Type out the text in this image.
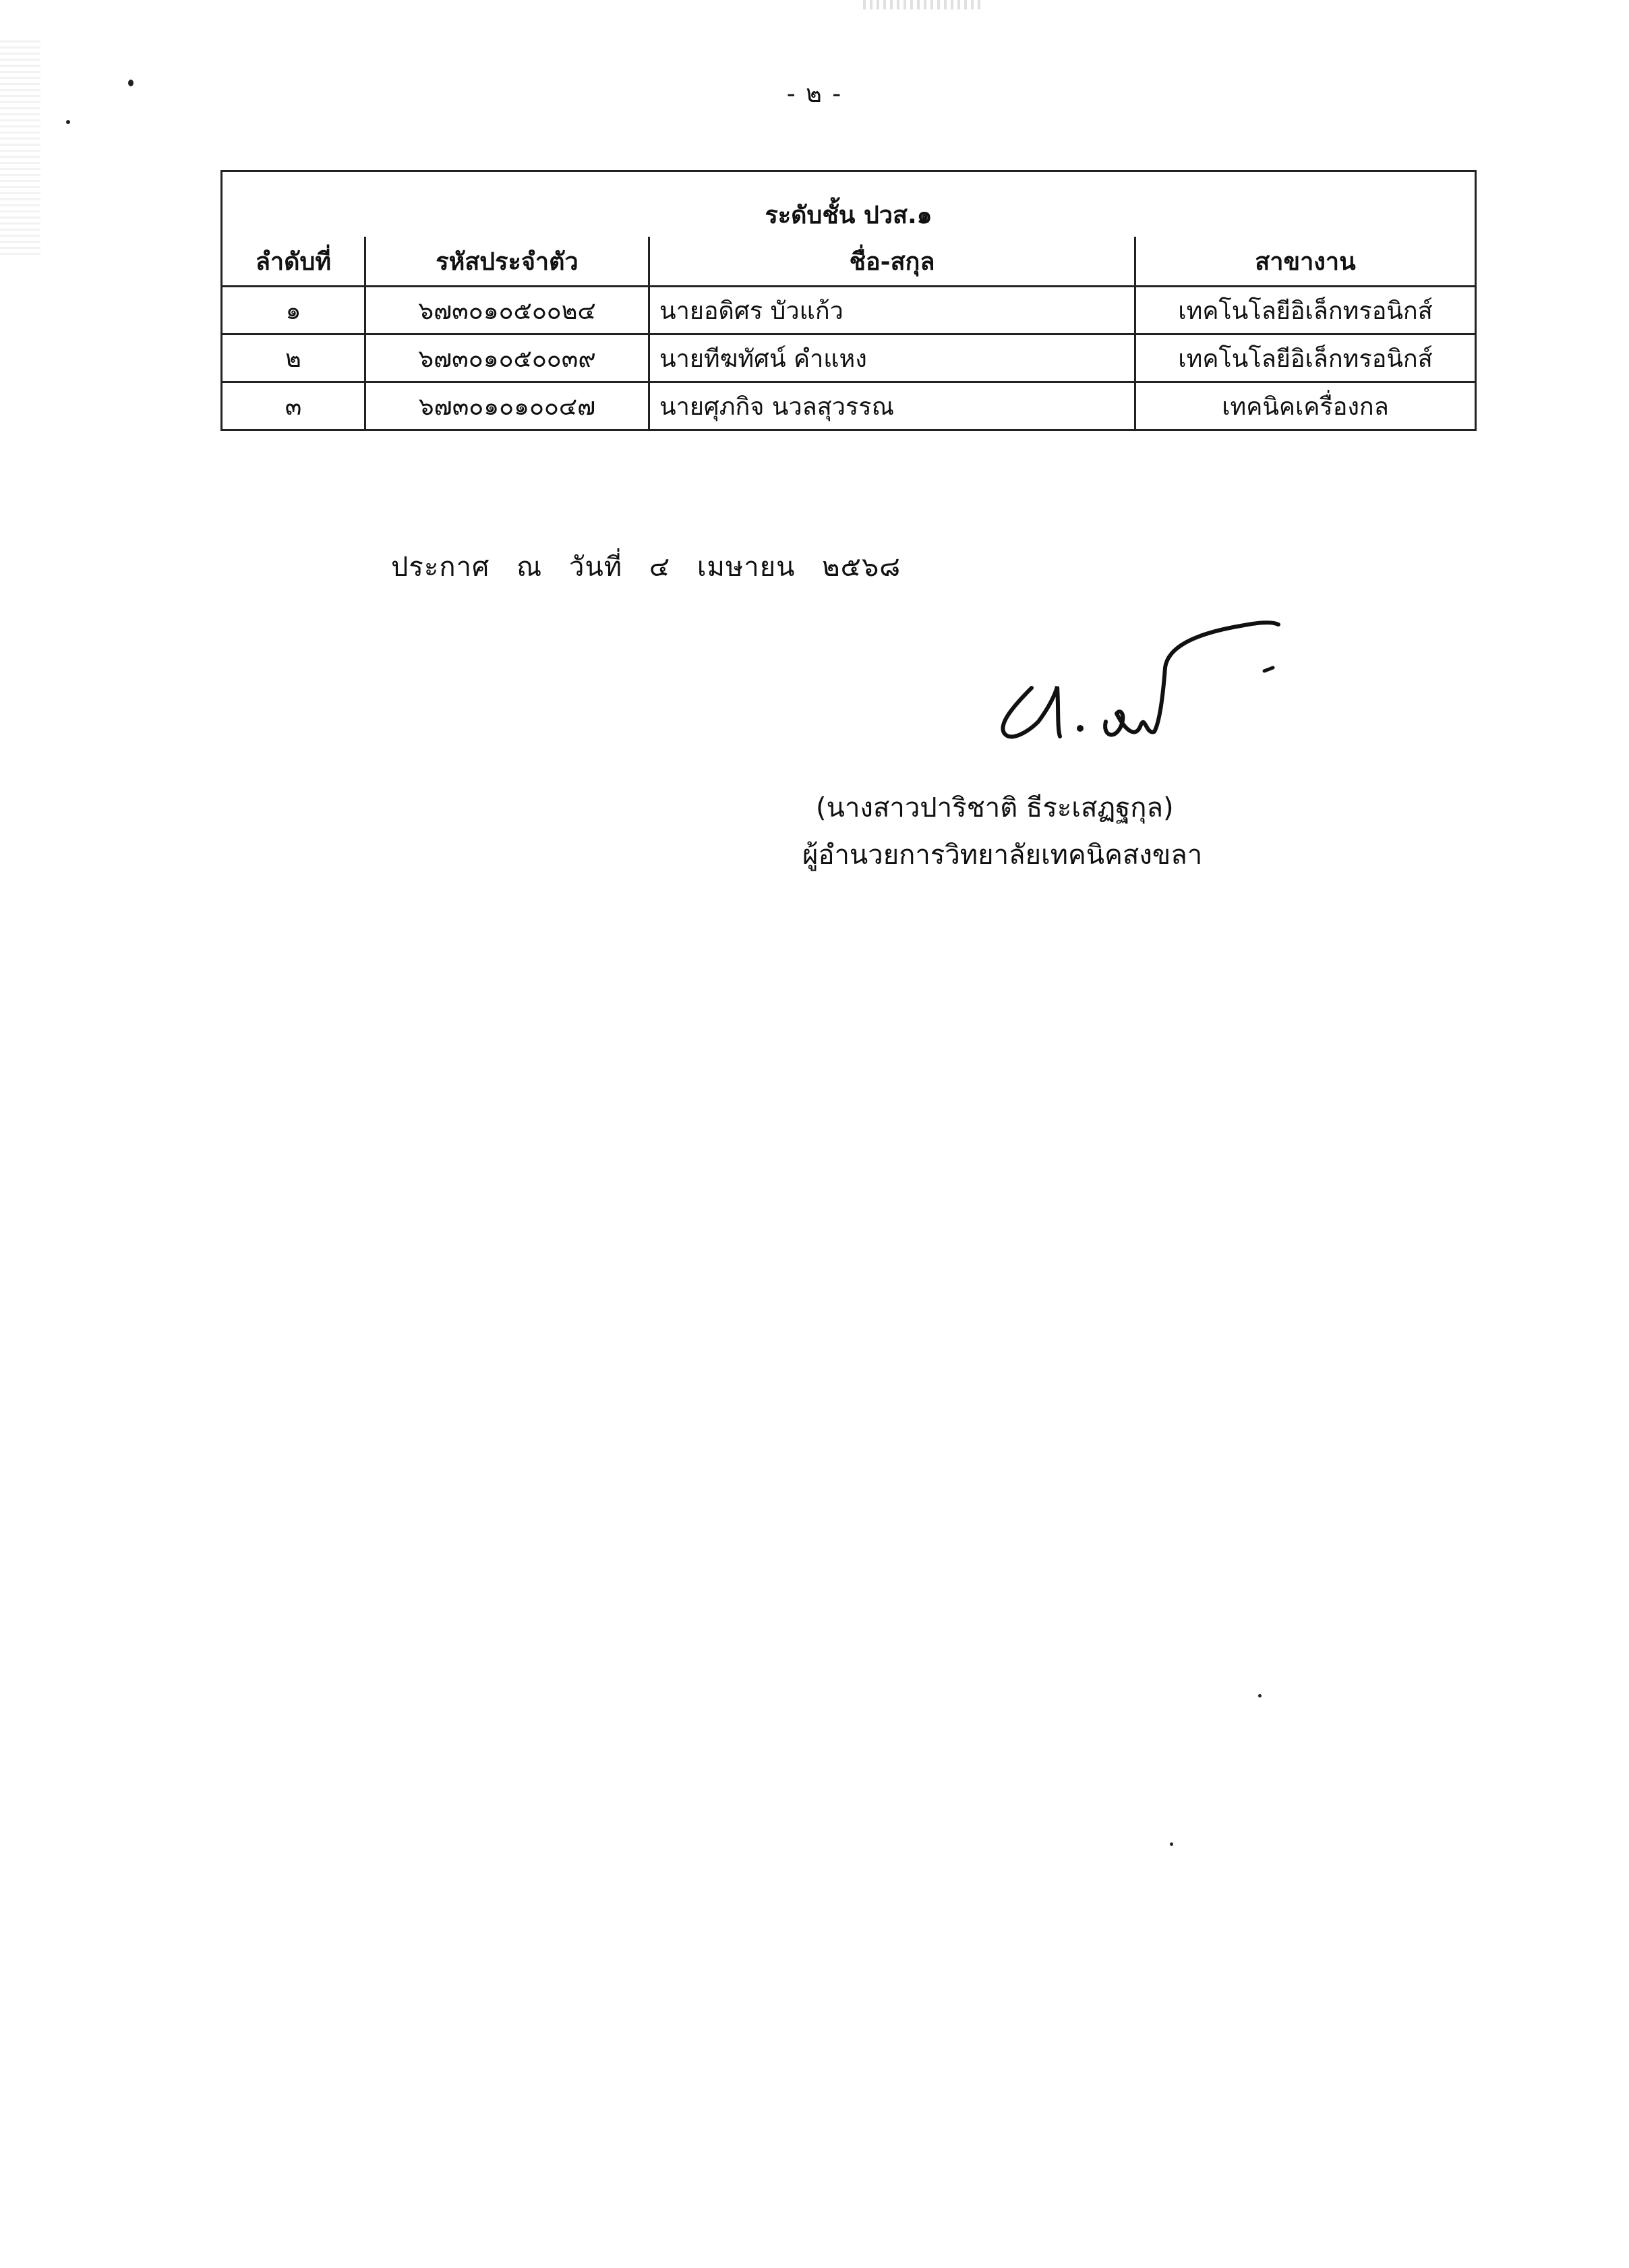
- ๒ -
ระดับชั้น ปวส.๑			
ลำดับที่	รหัสประจำตัว	ชื่อ-สกุล	สาขางาน
๑	๖๗๓๐๑๐๕๐๐๒๔	นายอดิศร บัวแก้ว	เทคโนโลยีอิเล็กทรอนิกส์
๒	๖๗๓๐๑๐๕๐๐๓๙	นายทีฆทัศน์ คำแหง	เทคโนโลยีอิเล็กทรอนิกส์
๓	๖๗๓๐๑๐๑๐๐๔๗	นายศุภกิจ นวลสุวรรณ	เทคนิคเครื่องกล
ประกาศ ณ วันที่ ๔ เมษายน ๒๕๖๘
(นางสาวปาริชาติ ธีระเสฏฐกุล)
ผู้อำนวยการวิทยาลัยเทคนิคสงขลา
